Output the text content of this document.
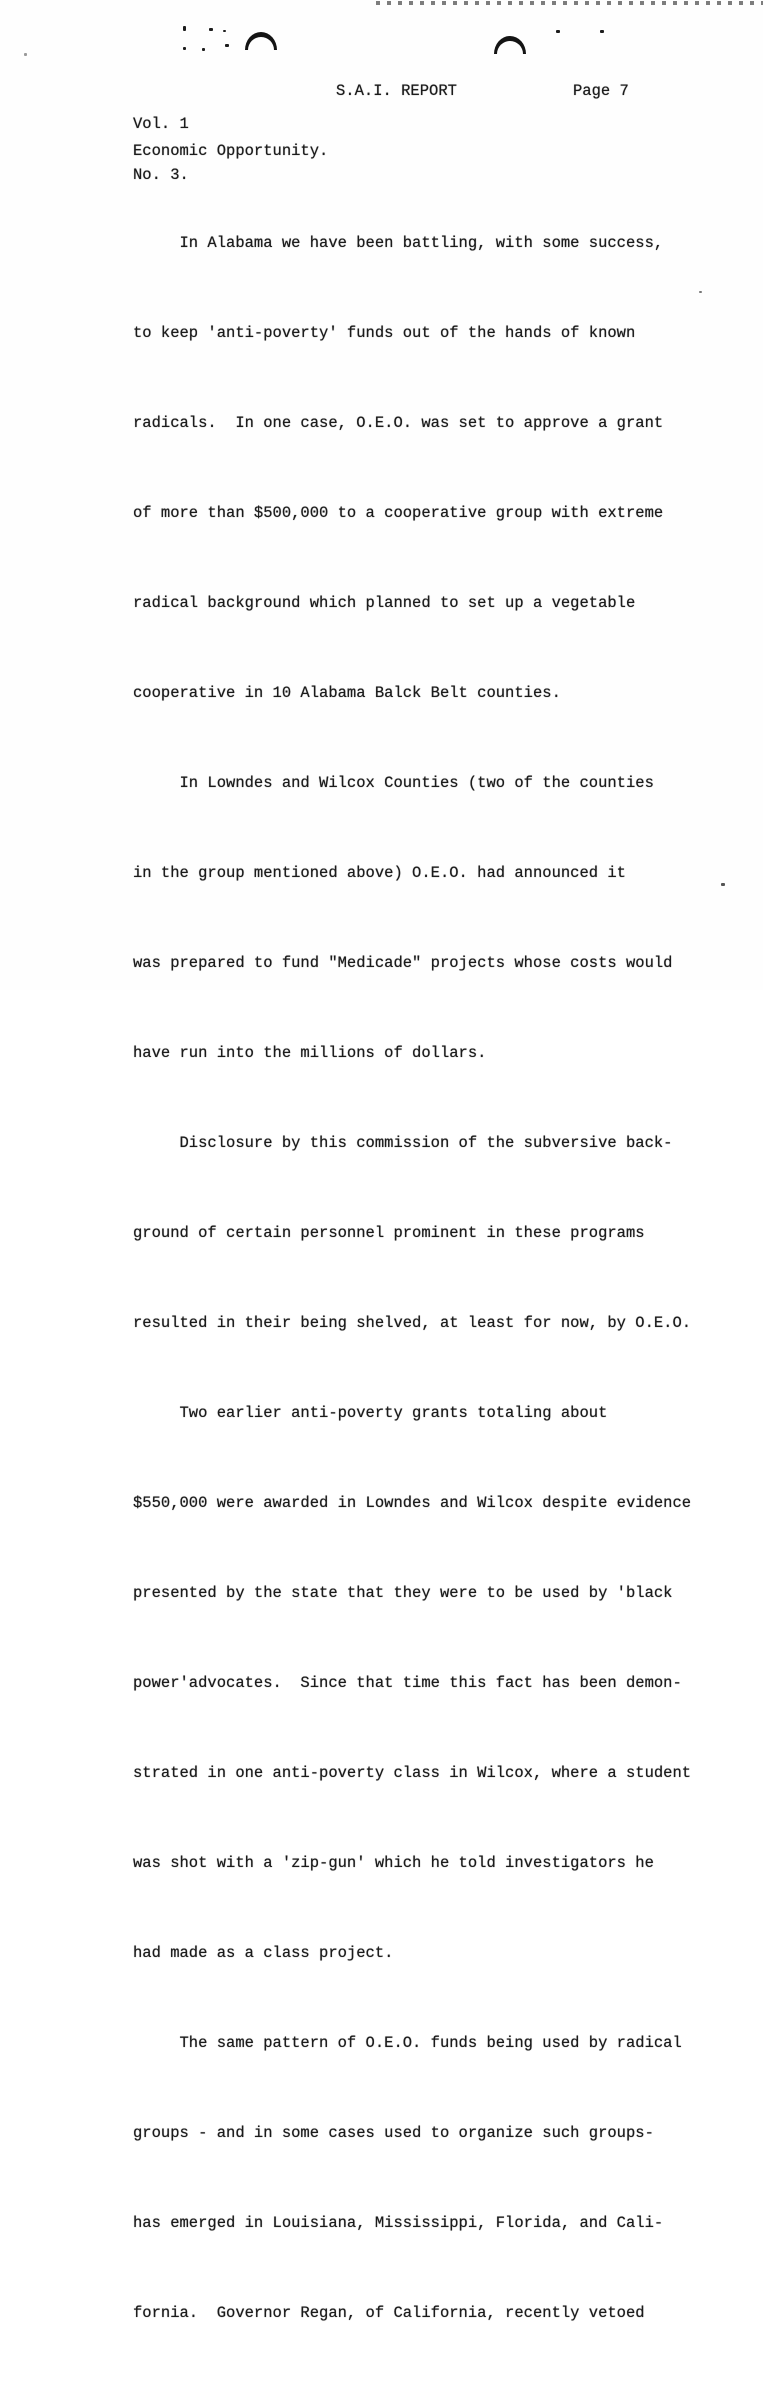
Vol. 1

No. 3.

S.A.I. REPORT	Page 7
Economic Opportunity.

In Alabama we have been battling, with some success,

to keep 'anti-poverty' funds out of the hands of known

radicals.  In one case, O.E.O. was set to approve a grant

of more than $500,000 to a cooperative group with extreme

radical background which planned to set up a vegetable

cooperative in 10 Alabama Balck Belt counties.

In Lowndes and Wilcox Counties (two of the counties

in the group mentioned above) O.E.O. had announced it

was prepared to fund "Medicade" projects whose costs would

have run into the millions of dollars.

Disclosure by this commission of the subversive back-

ground of certain personnel prominent in these programs

resulted in their being shelved, at least for now, by O.E.O.

Two earlier anti-poverty grants totaling about

$550,000 were awarded in Lowndes and Wilcox despite evidence

presented by the state that they were to be used by 'black

power'advocates.  Since that time this fact has been demon-

strated in one anti-poverty class in Wilcox, where a student

was shot with a 'zip-gun' which he told investigators he

had made as a class project.

The same pattern of O.E.O. funds being used by radical

groups - and in some cases used to organize such groups-

has emerged in Louisiana, Mississippi, Florida, and Cali-

fornia.  Governor Regan, of California, recently vetoed
